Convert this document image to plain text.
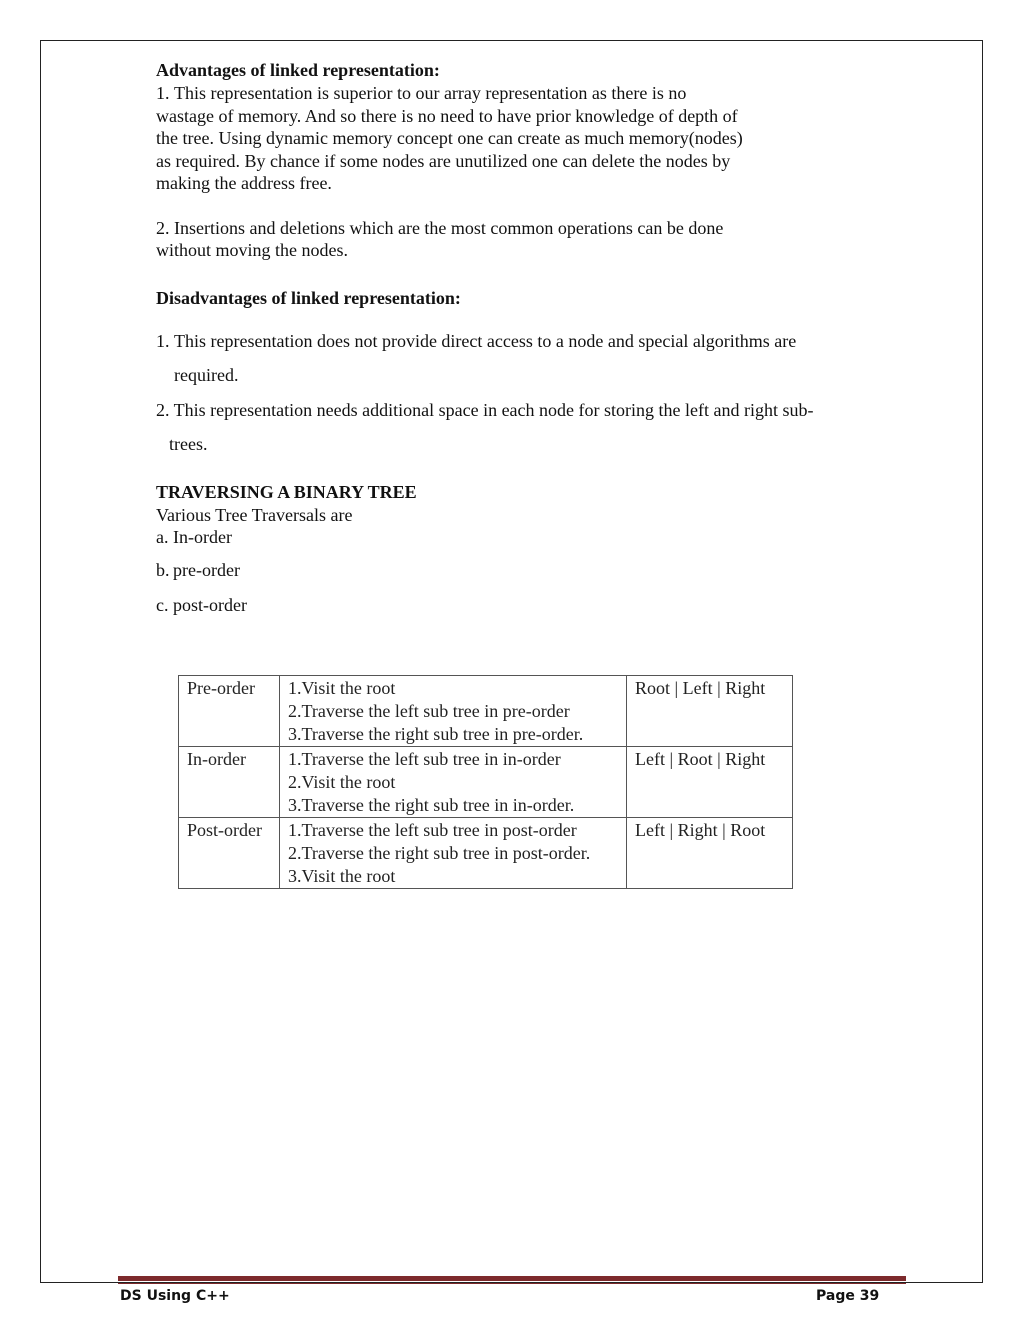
Advantages of linked representation:

1. This representation is superior to our array representation as there is no
wastage of memory. And so there is no need to have prior knowledge of depth of
the tree. Using dynamic memory concept one can create as much memory(nodes)
as required. By chance if some nodes are unutilized one can delete the nodes by
making the address free.

2. Insertions and deletions which are the most common operations can be done
without moving the nodes.

Disadvantages of linked representation:

1. This representation does not provide direct access to a node and special algorithms are
required.

2. This representation needs additional space in each node for storing the left and right sub-
trees.

TRAVERSING A BINARY TREE

Various Tree Traversals are

a. In-order

b. pre-order

c. post-order

Pre-order	1.Visit the root
2.Traverse the left sub tree in pre-order
3.Traverse the right sub tree in pre-order.	Root | Left | Right
In-order	1.Traverse the left sub tree in in-order
2.Visit the root
3.Traverse the right sub tree in in-order.	Left | Root | Right
Post-order	1.Traverse the left sub tree in post-order
2.Traverse the right sub tree in post-order.
3.Visit the root	Left | Right | Root
DS Using C++	Page 39
